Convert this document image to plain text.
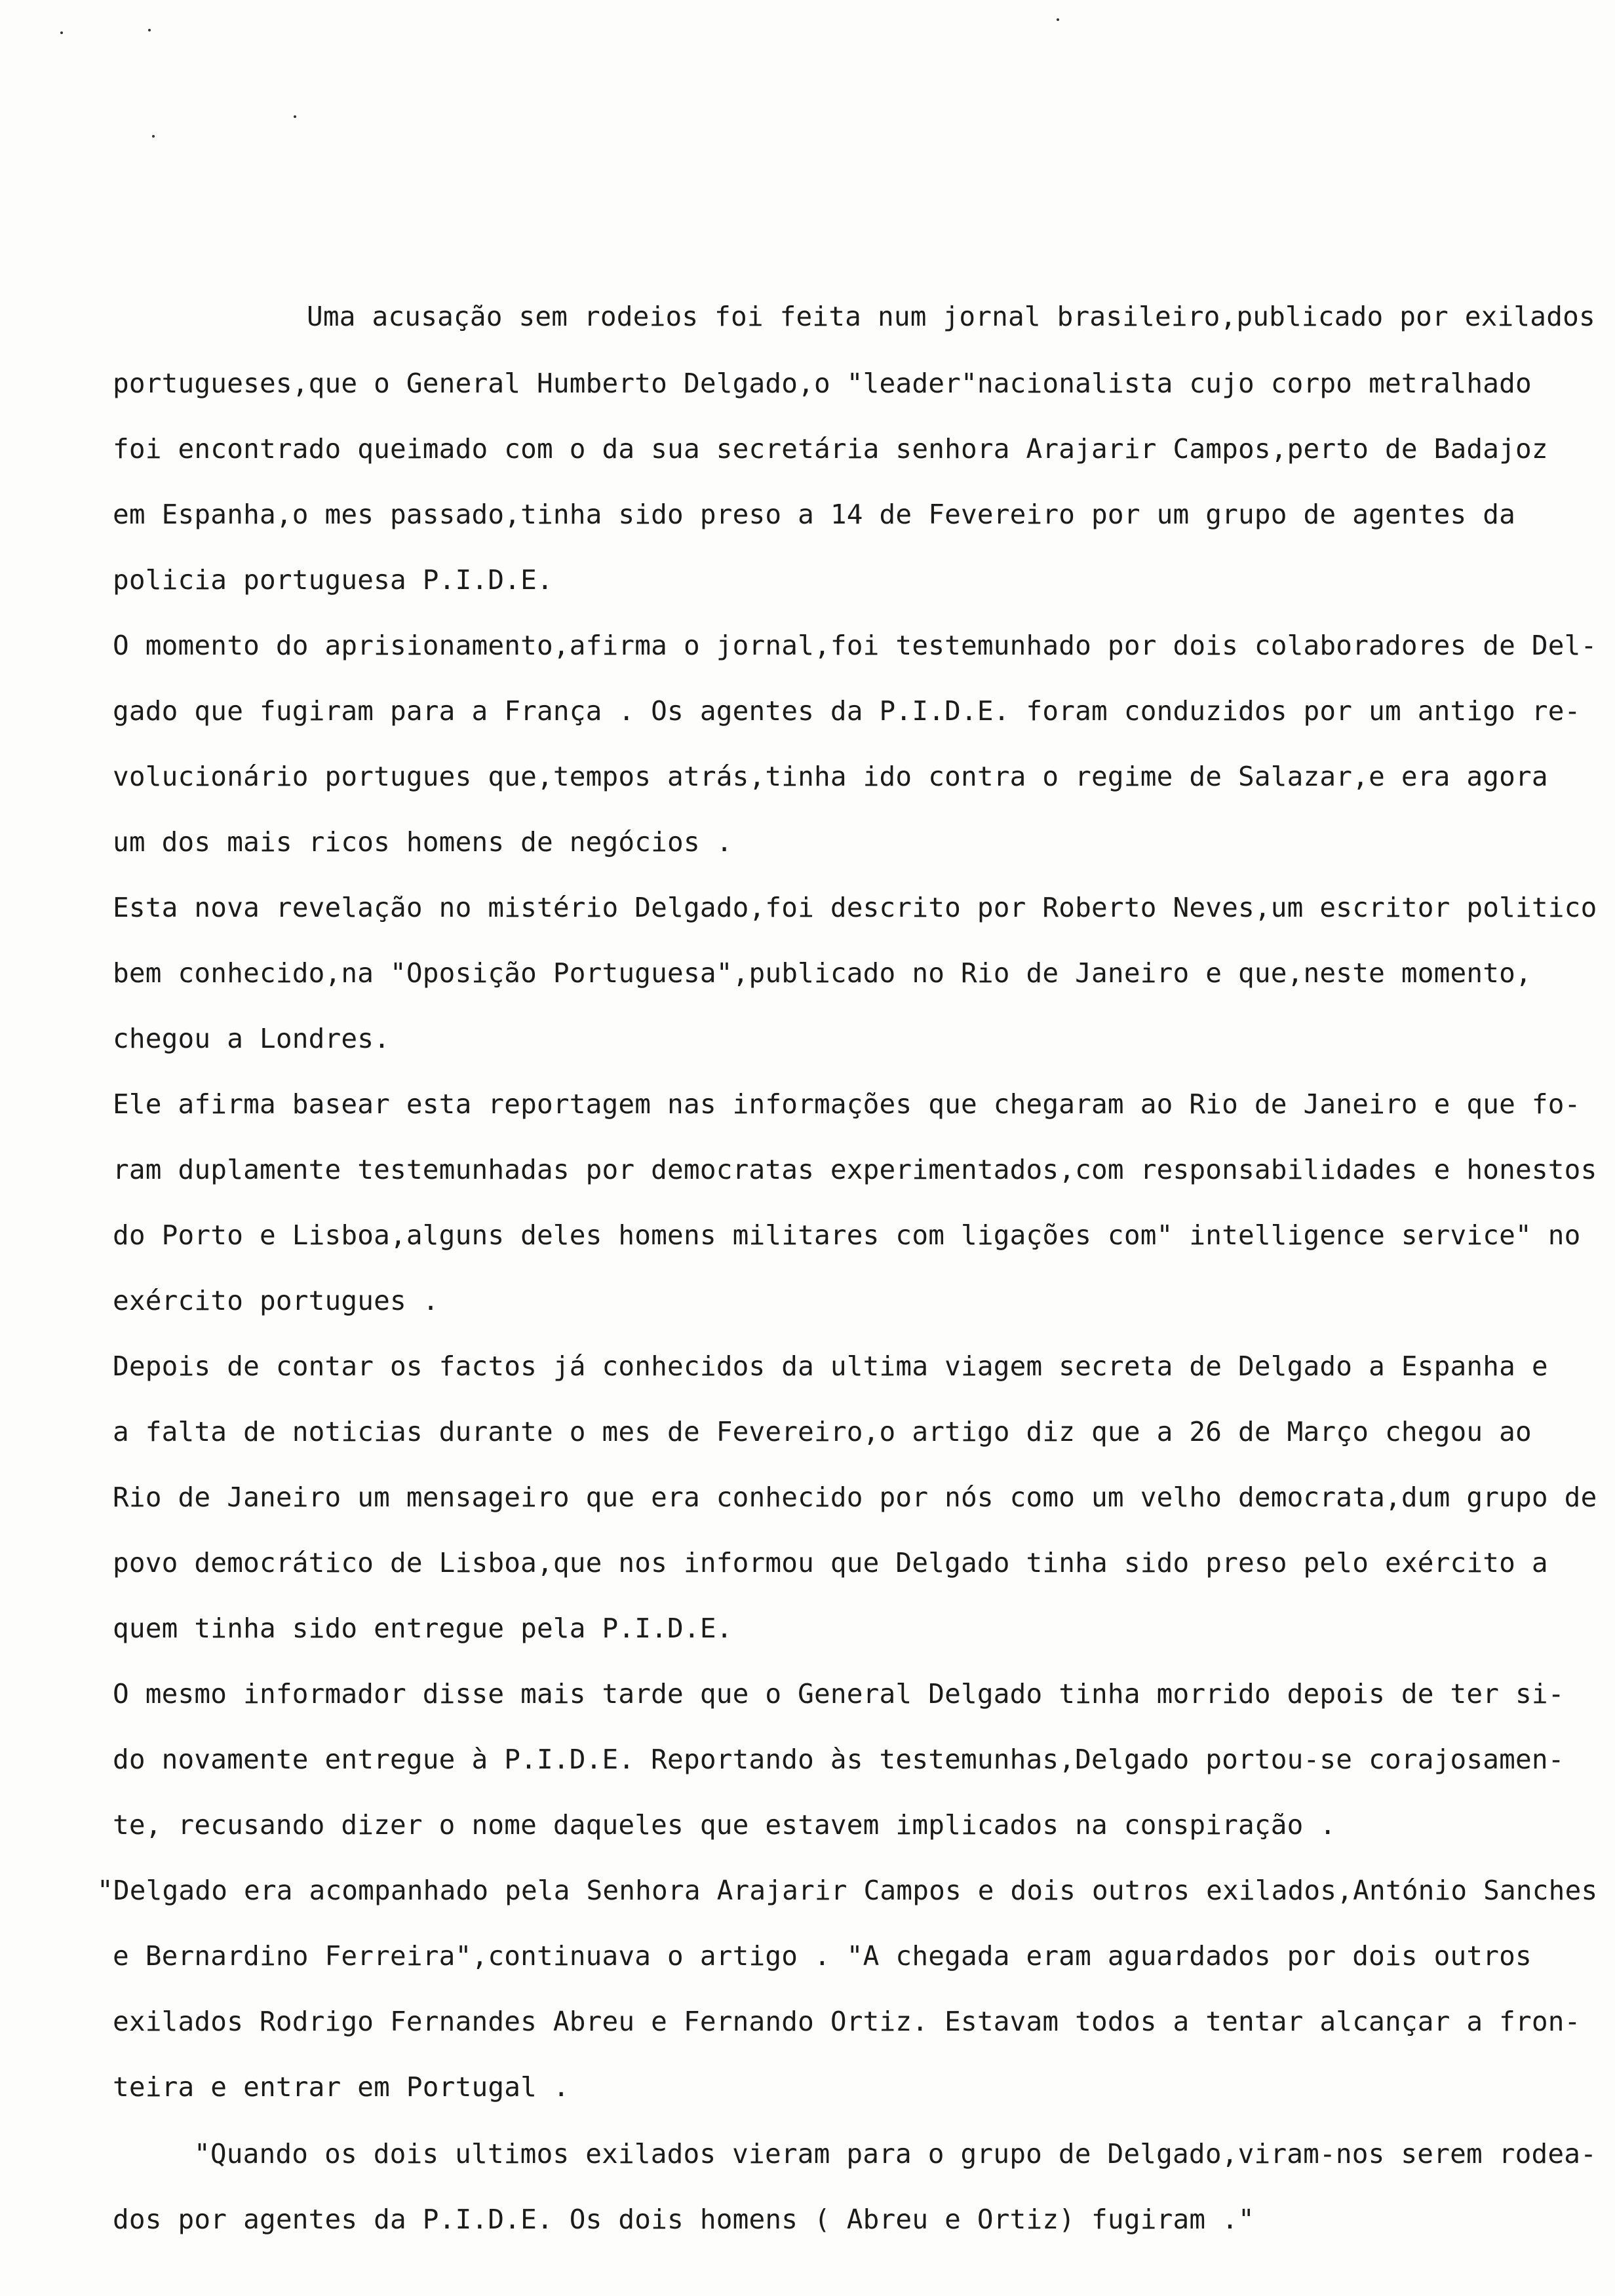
Uma acusação sem rodeios foi feita num jornal brasileiro,publicado por exilados
portugueses,que o General Humberto Delgado,o "leader"nacionalista cujo corpo metralhado
foi encontrado queimado com o da sua secretária senhora Arajarir Campos,perto de Badajoz
em Espanha,o mes passado,tinha sido preso a 14 de Fevereiro por um grupo de agentes da
policia portuguesa P.I.D.E.
O momento do aprisionamento,afirma o jornal,foi testemunhado por dois colaboradores de Del-
gado que fugiram para a França . Os agentes da P.I.D.E. foram conduzidos por um antigo re-
volucionário portugues que,tempos atrás,tinha ido contra o regime de Salazar,e era agora
um dos mais ricos homens de negócios .
Esta nova revelação no mistério Delgado,foi descrito por Roberto Neves,um escritor politico
bem conhecido,na "Oposição Portuguesa",publicado no Rio de Janeiro e que,neste momento,
chegou a Londres.
Ele afirma basear esta reportagem nas informações que chegaram ao Rio de Janeiro e que fo-
ram duplamente testemunhadas por democratas experimentados,com responsabilidades e honestos
do Porto e Lisboa,alguns deles homens militares com ligações com" intelligence service" no
exército portugues .
Depois de contar os factos já conhecidos da ultima viagem secreta de Delgado a Espanha e
a falta de noticias durante o mes de Fevereiro,o artigo diz que a 26 de Março chegou ao
Rio de Janeiro um mensageiro que era conhecido por nós como um velho democrata,dum grupo de
povo democrático de Lisboa,que nos informou que Delgado tinha sido preso pelo exército a
quem tinha sido entregue pela P.I.D.E.
O mesmo informador disse mais tarde que o General Delgado tinha morrido depois de ter si-
do novamente entregue à P.I.D.E. Reportando às testemunhas,Delgado portou-se corajosamen-
te, recusando dizer o nome daqueles que estavem implicados na conspiração .
"Delgado era acompanhado pela Senhora Arajarir Campos e dois outros exilados,António Sanches
e Bernardino Ferreira",continuava o artigo . "A chegada eram aguardados por dois outros
exilados Rodrigo Fernandes Abreu e Fernando Ortiz. Estavam todos a tentar alcançar a fron-
teira e entrar em Portugal .
"Quando os dois ultimos exilados vieram para o grupo de Delgado,viram-nos serem rodea-
dos por agentes da P.I.D.E. Os dois homens ( Abreu e Ortiz) fugiram ."
